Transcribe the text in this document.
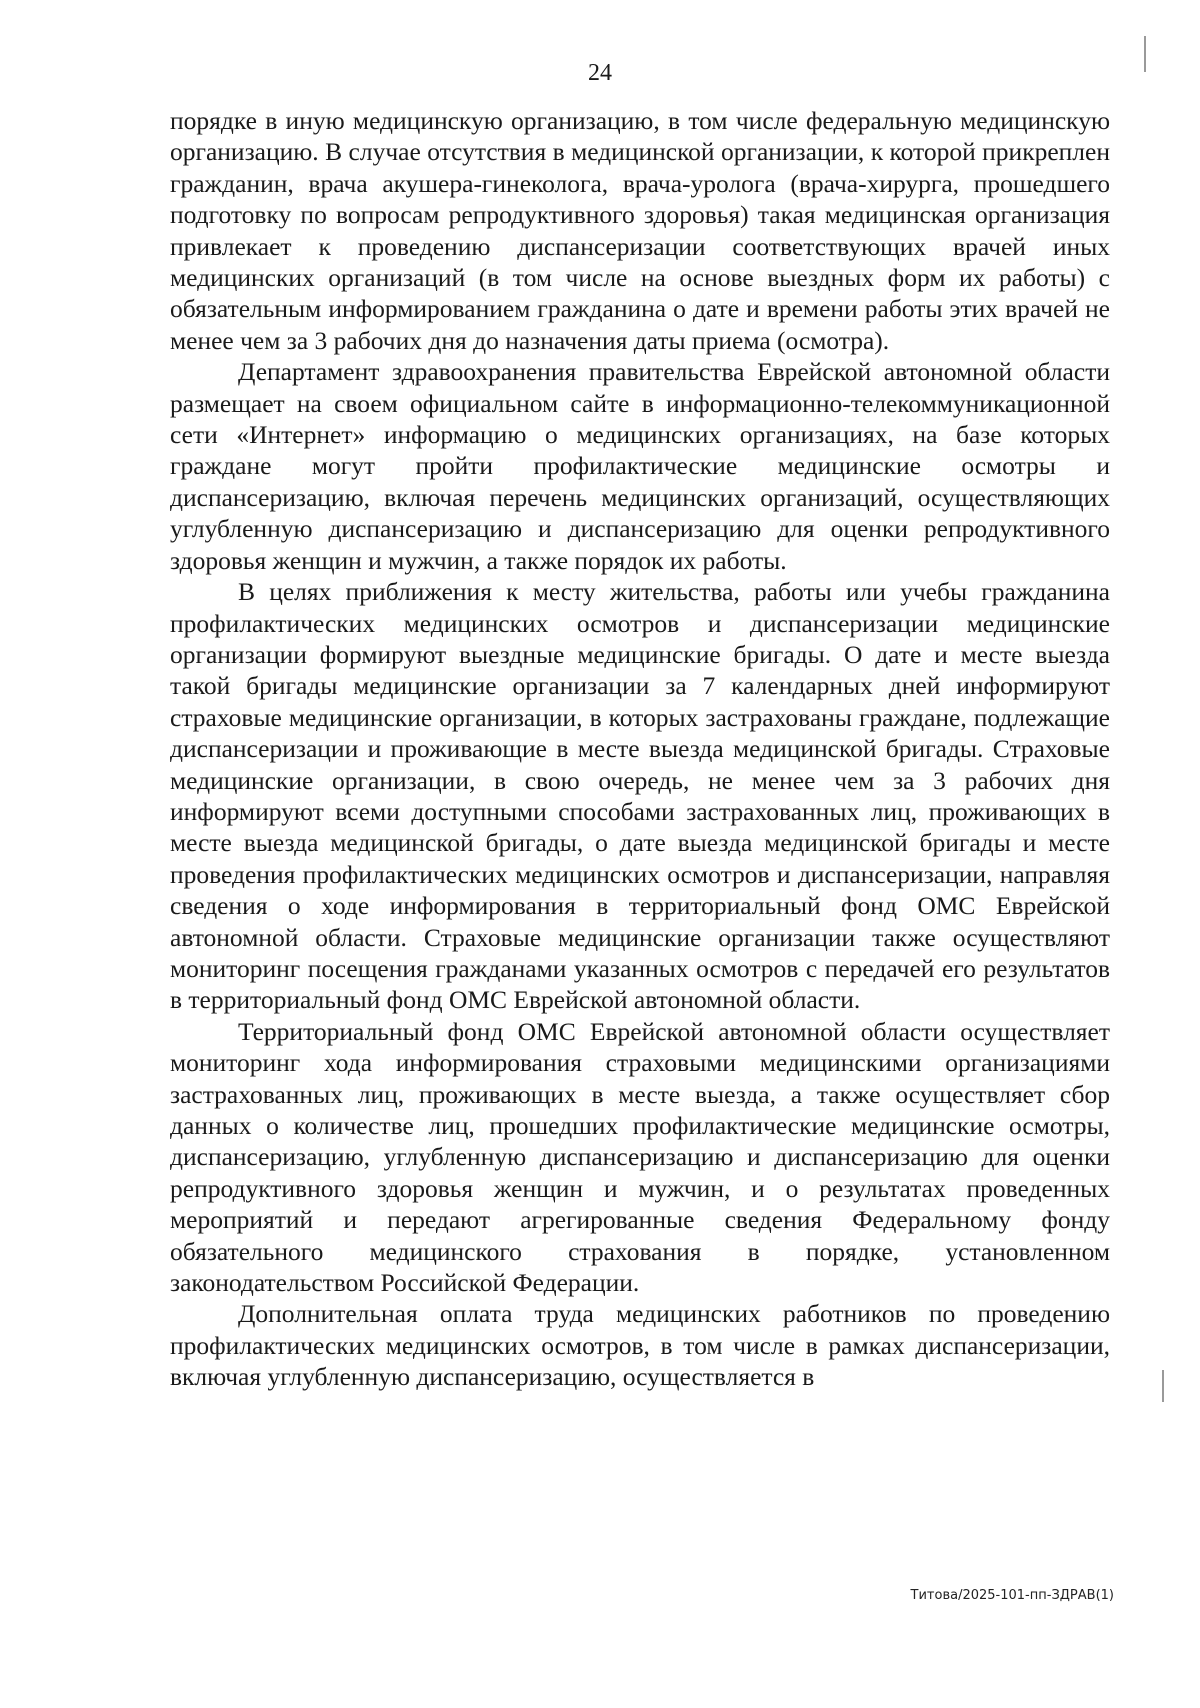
24

порядке в иную медицинскую организацию, в том числе федеральную медицинскую организацию. В случае отсутствия в медицинской организации, к которой прикреплен гражданин, врача акушера-гинеколога, врача-уролога (врача-хирурга, прошедшего подготовку по вопросам репродуктивного здоровья) такая медицинская организация привлекает к проведению диспансеризации соответствующих врачей иных медицинских организаций (в том числе на основе выездных форм их работы) с обязательным информированием гражданина о дате и времени работы этих врачей не менее чем за 3 рабочих дня до назначения даты приема (осмотра).

Департамент здравоохранения правительства Еврейской автономной области размещает на своем официальном сайте в информационно-телекоммуникационной сети «Интернет» информацию о медицинских организациях, на базе которых граждане могут пройти профилактические медицинские осмотры и диспансеризацию, включая перечень медицинских организаций, осуществляющих углубленную диспансеризацию и диспансеризацию для оценки репродуктивного здоровья женщин и мужчин, а также порядок их работы.

В целях приближения к месту жительства, работы или учебы гражданина профилактических медицинских осмотров и диспансеризации медицинские организации формируют выездные медицинские бригады. О дате и месте выезда такой бригады медицинские организации за 7 календарных дней информируют страховые медицинские организации, в которых застрахованы граждане, подлежащие диспансеризации и проживающие в месте выезда медицинской бригады. Страховые медицинские организации, в свою очередь, не менее чем за 3 рабочих дня информируют всеми доступными способами застрахованных лиц, проживающих в месте выезда медицинской бригады, о дате выезда медицинской бригады и месте проведения профилактических медицинских осмотров и диспансеризации, направляя сведения о ходе информирования в территориальный фонд ОМС Еврейской автономной области. Страховые медицинские организации также осуществляют мониторинг посещения гражданами указанных осмотров с передачей его результатов в территориальный фонд ОМС Еврейской автономной области.

Территориальный фонд ОМС Еврейской автономной области осуществляет мониторинг хода информирования страховыми медицинскими организациями застрахованных лиц, проживающих в месте выезда, а также осуществляет сбор данных о количестве лиц, прошедших профилактические медицинские осмотры, диспансеризацию, углубленную диспансеризацию и диспансеризацию для оценки репродуктивного здоровья женщин и мужчин, и о результатах проведенных мероприятий и передают агрегированные сведения Федеральному фонду обязательного медицинского страхования в порядке, установленном законодательством Российской Федерации.

Дополнительная оплата труда медицинских работников по проведению профилактических медицинских осмотров, в том числе в рамках диспансеризации, включая углубленную диспансеризацию, осуществляется в

Титова/2025-101-пп-ЗДРАВ(1)
